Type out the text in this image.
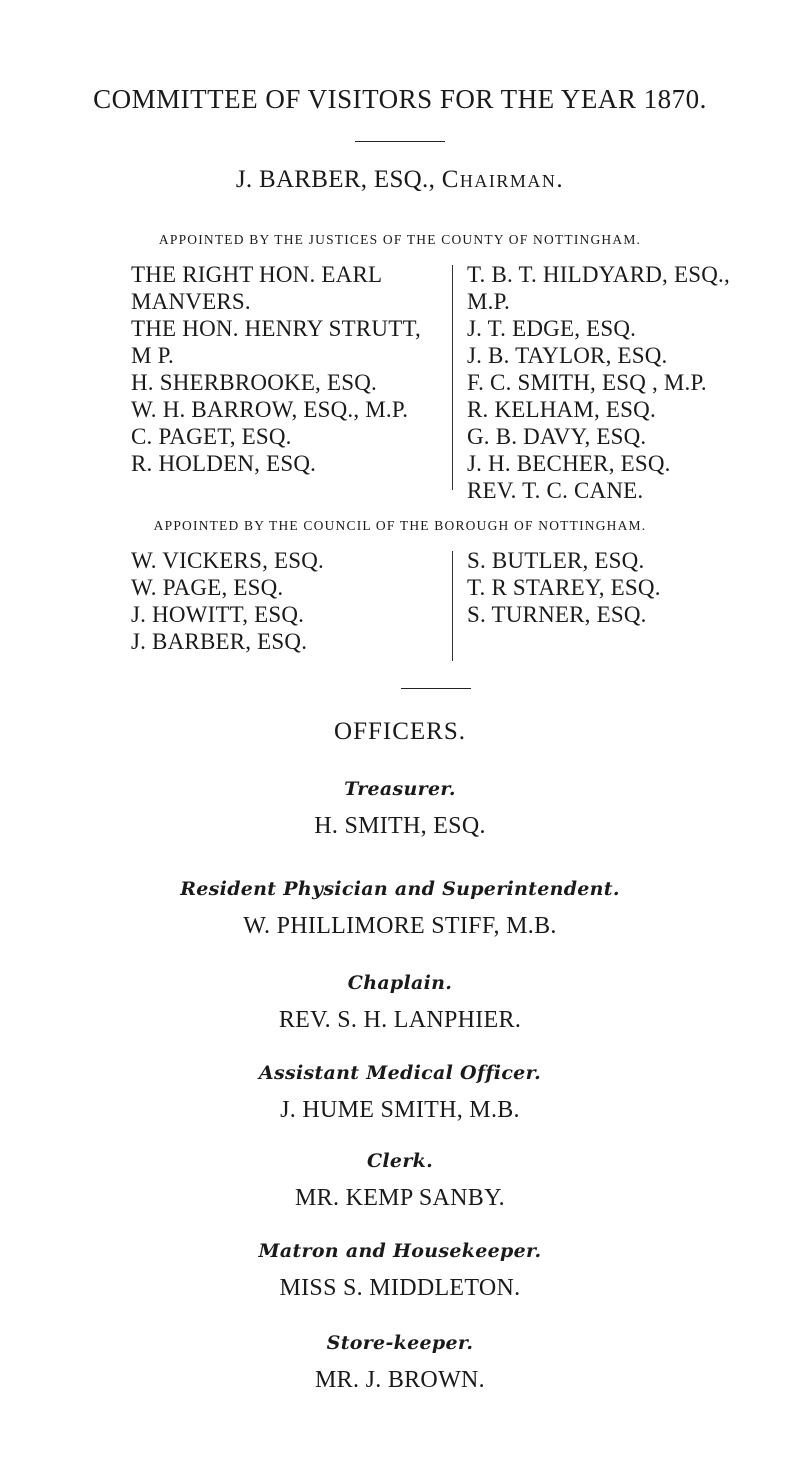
COMMITTEE OF VISITORS FOR THE YEAR 1870.
J. BARBER, ESQ., Chairman.
APPOINTED BY THE JUSTICES OF THE COUNTY OF NOTTINGHAM.
THE RIGHT HON. EARL
MANVERS.
THE HON. HENRY STRUTT,
M P.
H. SHERBROOKE, ESQ.
W. H. BARROW, ESQ., M.P.
C. PAGET, ESQ.
R. HOLDEN, ESQ.
T. B. T. HILDYARD, ESQ.,
M.P.
J. T. EDGE, ESQ.
J. B. TAYLOR, ESQ.
F. C. SMITH, ESQ , M.P.
R. KELHAM, ESQ.
G. B. DAVY, ESQ.
J. H. BECHER, ESQ.
REV. T. C. CANE.
APPOINTED BY THE COUNCIL OF THE BOROUGH OF NOTTINGHAM.
W. VICKERS, ESQ.
W. PAGE, ESQ.
J. HOWITT, ESQ.
J. BARBER, ESQ.
S. BUTLER, ESQ.
T. R STAREY, ESQ.
S. TURNER, ESQ.
OFFICERS.
Treasurer.
H. SMITH, ESQ.
Resident Physician and Superintendent.
W. PHILLIMORE STIFF, M.B.
Chaplain.
REV. S. H. LANPHIER.
Assistant Medical Officer.
J. HUME SMITH, M.B.
Clerk.
MR. KEMP SANBY.
Matron and Housekeeper.
MISS S. MIDDLETON.
Store-keeper.
MR. J. BROWN.
